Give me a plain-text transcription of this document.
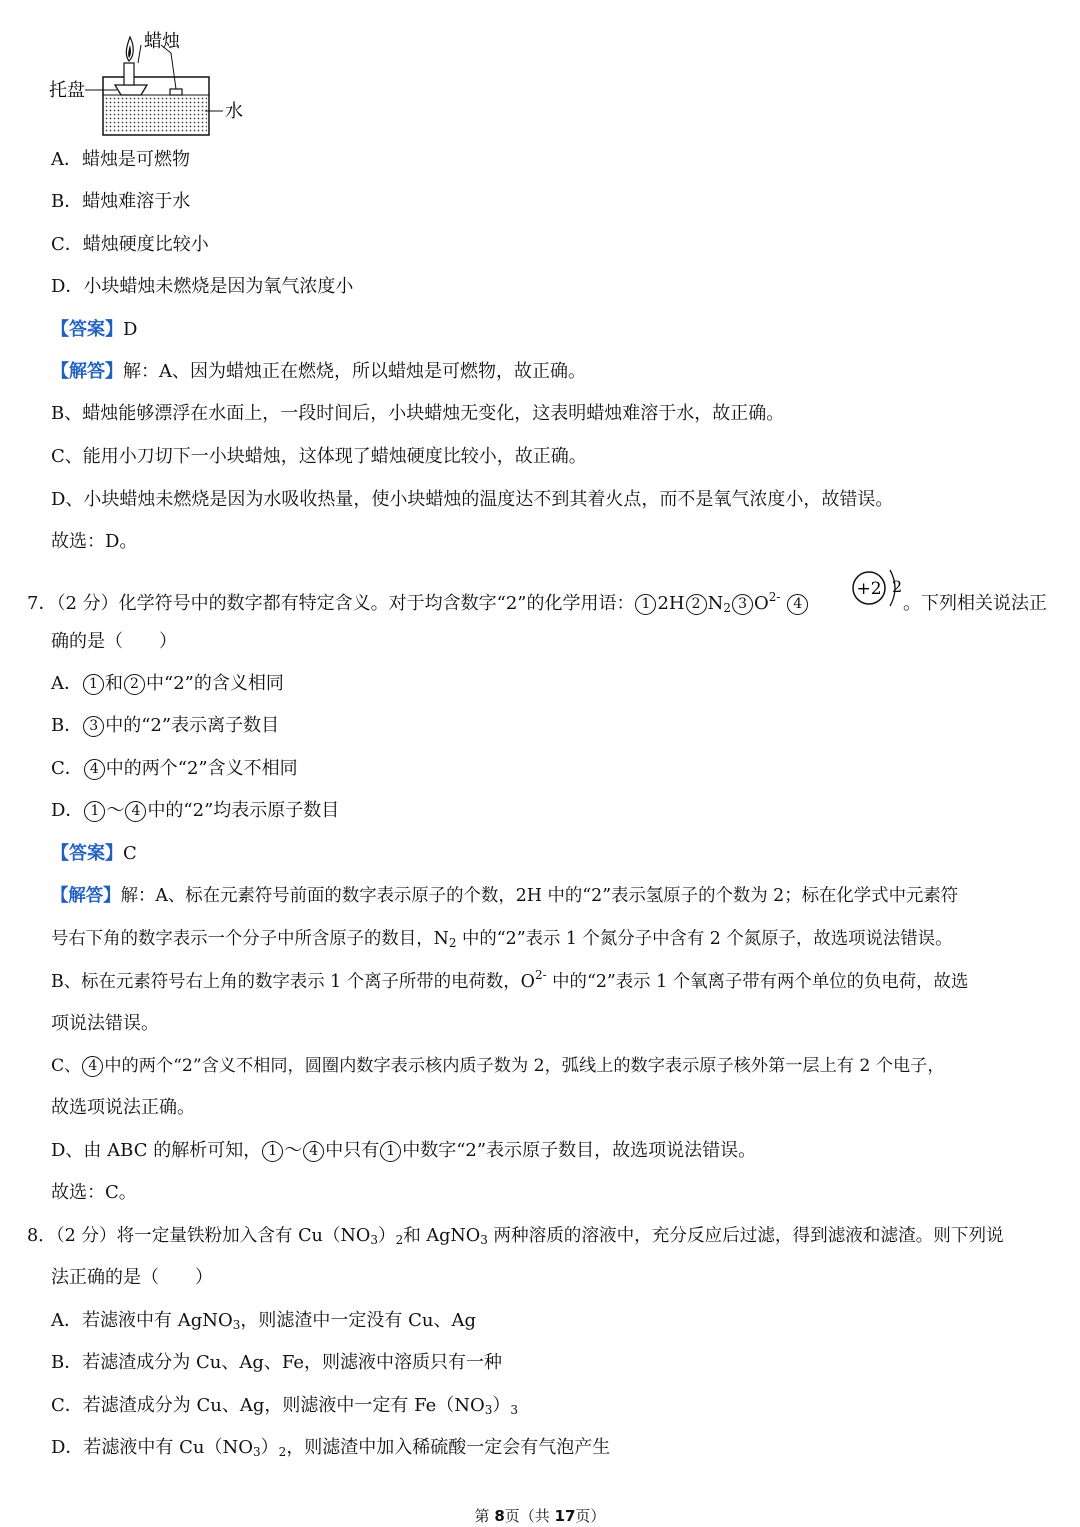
蜡烛
托盘
水
A．蜡烛是可燃物
B．蜡烛难溶于水
C．蜡烛硬度比较小
D．小块蜡烛未燃烧是因为氧气浓度小
【答案】D
【解答】解：A、因为蜡烛正在燃烧，所以蜡烛是可燃物，故正确。
B、蜡烛能够漂浮在水面上，一段时间后，小块蜡烛无变化，这表明蜡烛难溶于水，故正确。
C、能用小刀切下一小块蜡烛，这体现了蜡烛硬度比较小，故正确。
D、小块蜡烛未燃烧是因为水吸收热量，使小块蜡烛的温度达不到其着火点，而不是氧气浓度小，故错误。
故选：D。
7．（2 分）化学符号中的数字都有特定含义。对于均含数字“2”的化学用语： 1 2H 2 $N_2$ 3 $O^{2-}$ 4
+2 2
。下列相关说法正
确的是（　　）
A． 1 和 2 中“2”的含义相同
B． 3 中的“2”表示离子数目
C． 4 中的两个“2”含义不相同
D． 1 ～ 4 中的“2”均表示原子数目
【答案】C
【解答】解：A、标在元素符号前面的数字表示原子的个数，2H 中的“2”表示氢原子的个数为 2；标在化学式中元素符
号右下角的数字表示一个分子中所含原子的数目，$N_2$ 中的“2”表示 1 个氮分子中含有 2 个氮原子，故选项说法错误。
B、标在元素符号右上角的数字表示 1 个离子所带的电荷数，$O^{2-}$ 中的“2”表示 1 个氧离子带有两个单位的负电荷，故选
项说法错误。
C、 4 中的两个“2”含义不相同，圆圈内数字表示核内质子数为 2，弧线上的数字表示原子核外第一层上有 2 个电子，
故选项说法正确。
D、由 ABC 的解析可知， 1 ～ 4 中只有 1 中数字“2”表示原子数目，故选项说法错误。
故选：C。
8．（2 分）将一定量铁粉加入含有 $Cu(NO_3)_2$和 AgNO$_3$ 两种溶质的溶液中，充分反应后过滤，得到滤液和滤渣。则下列说
法正确的是（　　）
A．若滤液中有 AgNO$_3$，则滤渣中一定没有 Cu、Ag
B．若滤渣成分为 Cu、Ag、Fe，则滤液中溶质只有一种
C．若滤渣成分为 Cu、Ag，则滤液中一定有 $Fe(NO_3)_3$
D．若滤液中有 $Cu(NO_3)_2$，则滤渣中加入稀硫酸一定会有气泡产生
第 8页（共 17页）
